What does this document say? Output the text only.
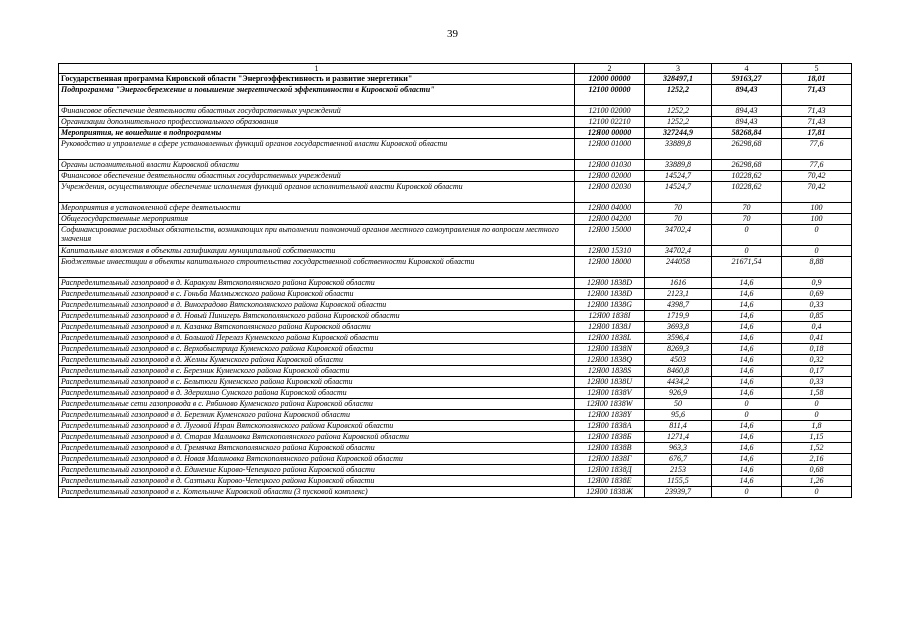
39
1	2	3	4	5
Государственная программа Кировской области "Энергоэффективность и развитие энергетики"	12000 00000	328497,1	59163,27	18,01
Подпрограмма "Энергосбережение и повышение энергетической эффективности в Кировской области"	12100 00000	1252,2	894,43	71,43
Финансовое обеспечение деятельности областных государственных учреждений	12100 02000	1252,2	894,43	71,43
Организации дополнительного профессионального образования	12100 02210	1252,2	894,43	71,43
Мероприятия, не вошедшие в подпрограммы	12Я00 00000	327244,9	58268,84	17,81
Руководство и управление в сфере установленных функций органов государственной власти Кировской области	12Я00 01000	33889,8	26298,68	77,6
Органы исполнительной власти Кировской области	12Я00 01030	33889,8	26298,68	77,6
Финансовое обеспечение деятельности областных государственных учреждений	12Я00 02000	14524,7	10228,62	70,42
Учреждения, осуществляющие обеспечение исполнения функций органов исполнительной власти Кировской области	12Я00 02030	14524,7	10228,62	70,42
Мероприятия в установленной сфере деятельности	12Я00 04000	70	70	100
Общегосударственные мероприятия	12Я00 04200	70	70	100
Софинансирование расходных обязательств, возникающих при выполнении полномочий органов местного самоуправления по вопросам местного значения	12Я00 15000	34702,4	0	0
Капитальные вложения в объекты газификации муниципальной собственности	12Я00 15310	34702,4	0	0
Бюджетные инвестиции в объекты капитального строительства государственной собственности Кировской области	12Я00 18000	244058	21671,54	8,88
Распределительный газопровод в д. Каракули Вятскополянского района Кировской области	12Я00 1838D	1616	14,6	0,9
Распределительный газопровод в с. Гоньба Малмыжского района Кировской области	12Я00 1838D	2123,1	14,6	0,69
Распределительный газопровод в д. Виноградово Вятскополянского района Кировской области	12Я00 1838G	4398,7	14,6	0,33
Распределительный газопровод в д. Новый Пинигерь Вятскополянского района Кировской области	12Я00 1838I	1719,9	14,6	0,85
Распределительный газопровод в п. Казанка Вятскополянского района Кировской области	12Я00 1838J	3693,8	14,6	0,4
Распределительный газопровод в д. Большой Перелаз Куменского района Кировской области	12Я00 1838L	3596,4	14,6	0,41
Распределительный газопровод в с. Верхобыстрица Куменского района Кировской области	12Я00 1838N	8269,3	14,6	0,18
Распределительный газопровод в д. Желны Куменского района Кировской области	12Я00 1838Q	4503	14,6	0,32
Распределительный газопровод в с. Березник Куменского района Кировской области	12Я00 1838S	8460,8	14,6	0,17
Распределительный газопровод в с. Бельтюги Куменского района Кировской области	12Я00 1838U	4434,2	14,6	0,33
Распределительный газопровод в д. Здерихино Сунского района Кировской области	12Я00 1838V	926,9	14,6	1,58
Распределительные сети газопровода в с. Рябиново Куменского района Кировской области	12Я00 1838W	50	0	0
Распределительный газопровод в д. Березник Куменского района Кировской области	12Я00 1838Y	95,6	0	0
Распределительный газопровод в д. Луговой Изран Вятскополянского района Кировской области	12Я00 1838А	811,4	14,6	1,8
Распределительный газопровод в д. Старая Малиновка Вятскополянского района Кировской области	12Я00 1838Б	1271,4	14,6	1,15
Распределительный газопровод в д. Гремячка Вятскополянского района Кировской области	12Я00 1838В	963,3	14,6	1,52
Распределительный газопровод в д. Новая Малиновка Вятскополянского района Кировской области	12Я00 1838Г	676,7	14,6	2,16
Распределительный газопровод в д. Единение Кирово-Чепецкого района Кировской области	12Я00 1838Д	2153	14,6	0,68
Распределительный газопровод в д. Сазтыки Кирово-Чепецкого района Кировской области	12Я00 1838Е	1155,5	14,6	1,26
Распределительный газопровод в г. Котельниче Кировской области (3 пусковой комплекс)	12Я00 1838Ж	23939,7	0	0
